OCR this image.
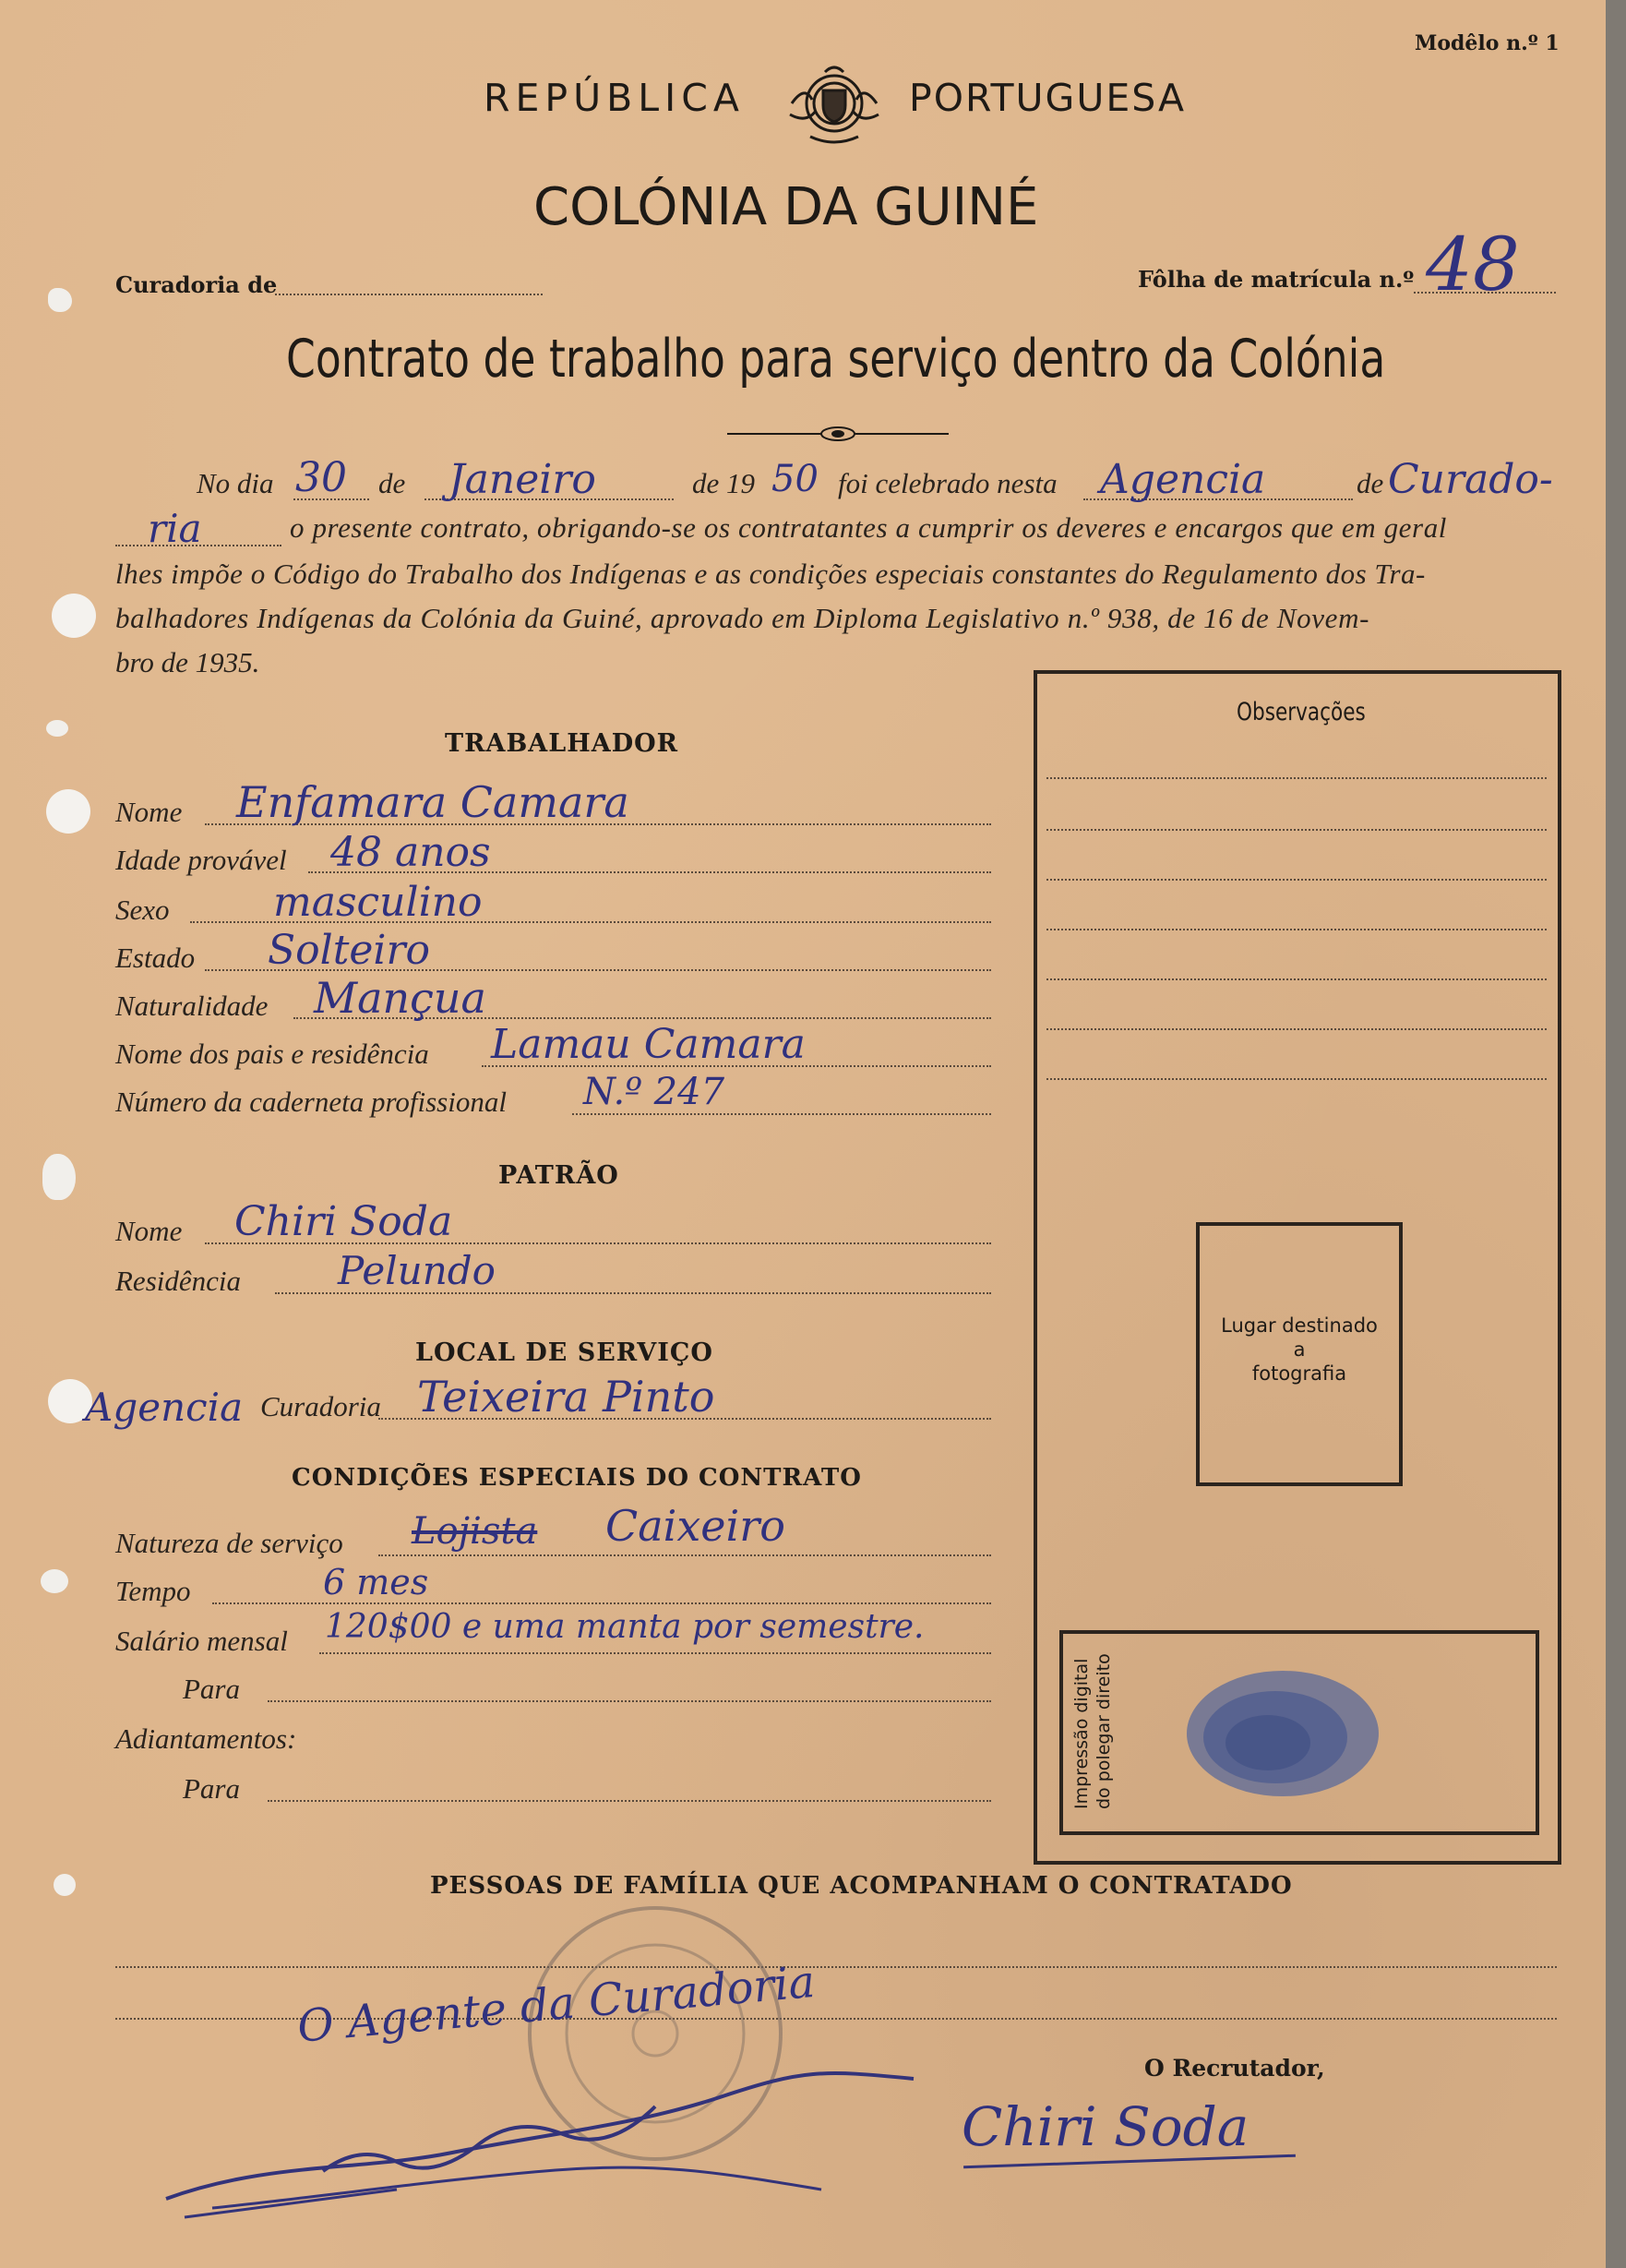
Modêlo n.º 1
REPÚBLICA	PORTUGUESA
COLÓNIA DA GUINÉ
Curadoria de	Fôlha de matrícula n.º 48
Contrato de trabalho para serviço dentro da Colónia
No dia 30 de Janeiro	de 19 50 foi celebrado nesta Agencia	de Curado-
ria	o presente contrato, obrigando-se os contratantes a cumprir os deveres e encargos que em geral
lhes impõe o Código do Trabalho dos Indígenas e as condições especiais constantes do Regulamento dos Tra-
balhadores Indígenas da Colónia da Guiné, aprovado em Diploma Legislativo n.º 938, de 16 de Novem-
bro de 1935.
TRABALHADOR
Nome Enfamara Camara
Idade provável 48 anos
Sexo	masculino
Estado Solteiro
Naturalidade Mançua
Nome dos pais e residência Lamau Camara
Número da caderneta profissional N.º 247
PATRÃO
Nome Chiri Soda
Residência Pelundo
LOCAL DE SERVIÇO
Agencia Curadoria Teixeira Pinto
CONDIÇÕES ESPECIAIS DO CONTRATO
Natureza de serviço Lojista Caixeiro
Tempo	6 mes
Salário mensal 120$00 e uma manta por semestre.
Para
Adiantamentos:
Para
Observações
Lugar destinado
a
fotografia
Impressão digital do polegar direito
PESSOAS DE FAMÍLIA QUE ACOMPANHAM O CONTRATADO
O Agente da Curadoria
O Recrutador,
Chiri Soda
